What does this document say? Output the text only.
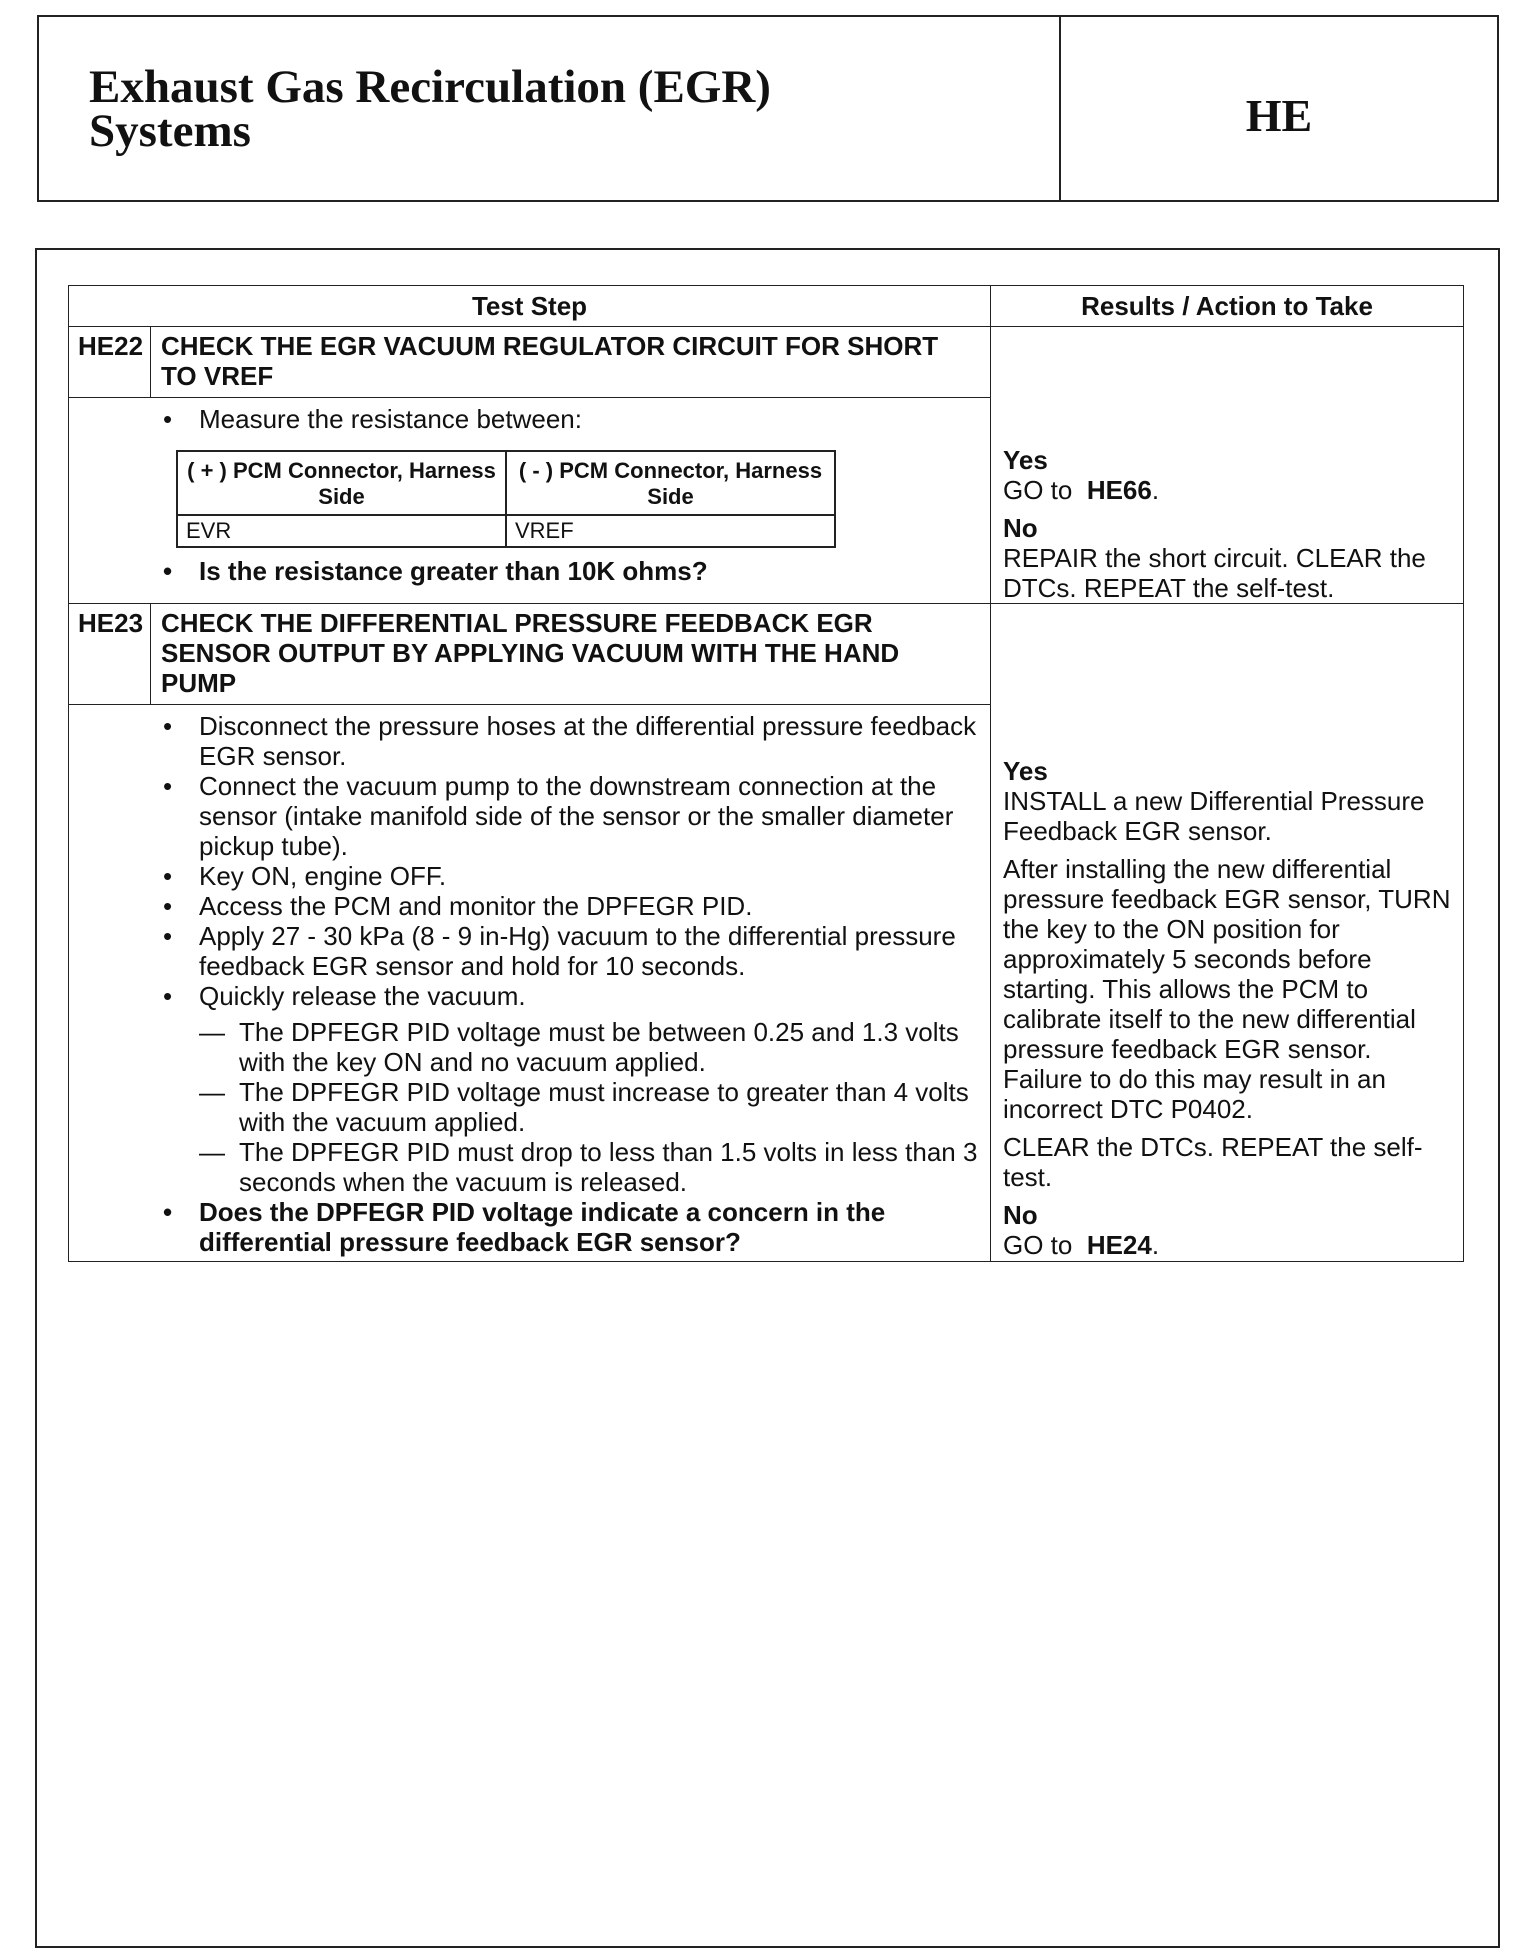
Exhaust Gas Recirculation (EGR)
Systems	HE
Test Step	Results / Action to Take

HE22 CHECK THE EGR VACUUM REGULATOR CIRCUIT FOR SHORT TO VREF
• Measure the resistance between:
( + ) PCM Connector, Harness Side	( - ) PCM Connector, Harness Side
EVR	VREF
• Is the resistance greater than 10K ohms?

Yes

GO to HE66.

No

REPAIR the short circuit. CLEAR the DTCs. REPEAT the self-test.

HE23 CHECK THE DIFFERENTIAL PRESSURE FEEDBACK EGR SENSOR OUTPUT BY APPLYING VACUUM WITH THE HAND PUMP
• Disconnect the pressure hoses at the differential pressure feedback EGR sensor.
• Connect the vacuum pump to the downstream connection at the sensor (intake manifold side of the sensor or the smaller diameter pickup tube).
• Key ON, engine OFF.
• Access the PCM and monitor the DPFEGR PID.
• Apply 27 - 30 kPa (8 - 9 in-Hg) vacuum to the differential pressure feedback EGR sensor and hold for 10 seconds.
• Quickly release the vacuum.
— The DPFEGR PID voltage must be between 0.25 and 1.3 volts with the key ON and no vacuum applied.
— The DPFEGR PID voltage must increase to greater than 4 volts with the vacuum applied.
— The DPFEGR PID must drop to less than 1.5 volts in less than 3 seconds when the vacuum is released.
• Does the DPFEGR PID voltage indicate a concern in the differential pressure feedback EGR sensor?

Yes

INSTALL a new Differential Pressure Feedback EGR sensor.

After installing the new differential pressure feedback EGR sensor, TURN the key to the ON position for approximately 5 seconds before starting. This allows the PCM to calibrate itself to the new differential pressure feedback EGR sensor. Failure to do this may result in an incorrect DTC P0402.

CLEAR the DTCs. REPEAT the self-test.

No

GO to HE24.
